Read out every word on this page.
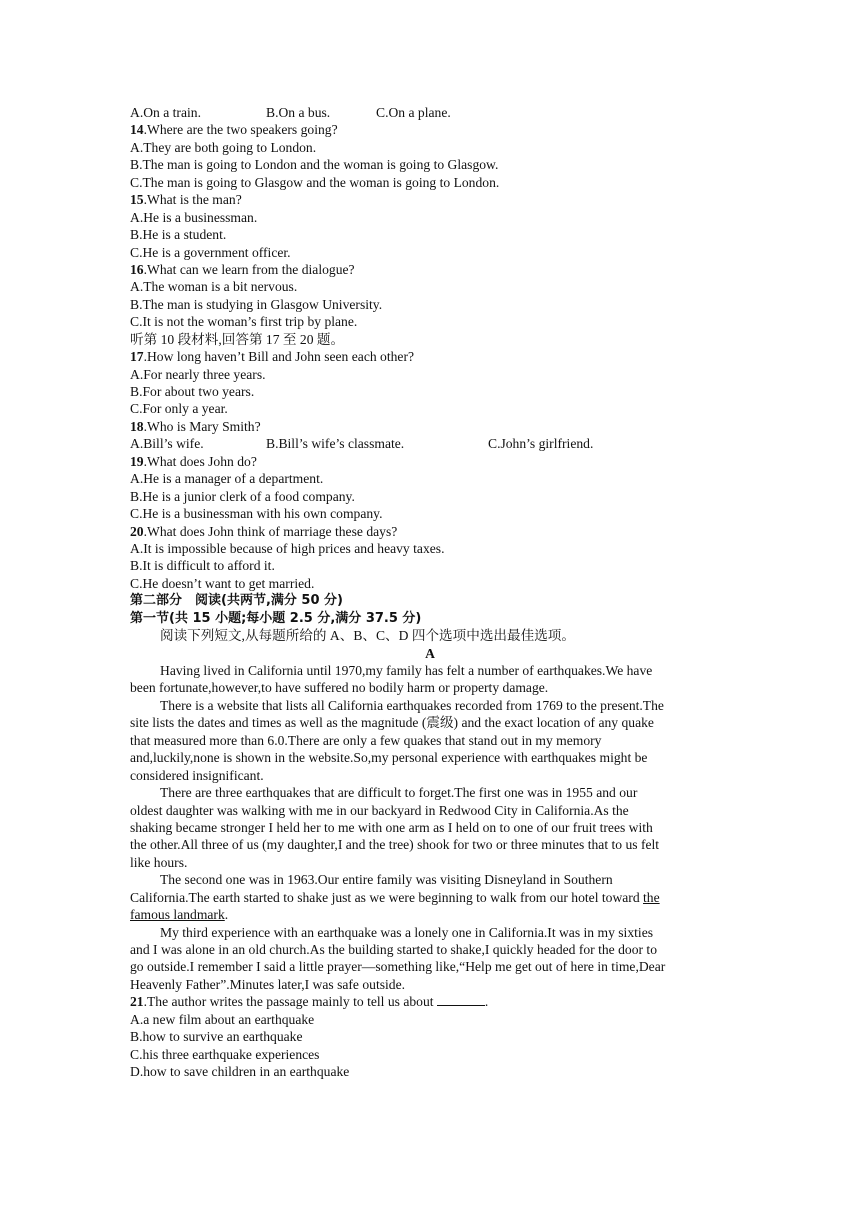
A.On a train.	B.On a bus.	C.On a plane.
14.Where are the two speakers going?
A.They are both going to London.
B.The man is going to London and the woman is going to Glasgow.
C.The man is going to Glasgow and the woman is going to London.
15.What is the man?
A.He is a businessman.
B.He is a student.
C.He is a government officer.
16.What can we learn from the dialogue?
A.The woman is a bit nervous.
B.The man is studying in Glasgow University.
C.It is not the woman’s first trip by plane.
听第 10 段材料,回答第 17 至 20 题。
17.How long haven’t Bill and John seen each other?
A.For nearly three years.
B.For about two years.
C.For only a year.
18.Who is Mary Smith?
A.Bill’s wife.	B.Bill’s wife’s classmate.	C.John’s girlfriend.
19.What does John do?
A.He is a manager of a department.
B.He is a junior clerk of a food company.
C.He is a businessman with his own company.
20.What does John think of marriage these days?
A.It is impossible because of high prices and heavy taxes.
B.It is difficult to afford it.
C.He doesn’t want to get married.
第二部分　阅读(共两节,满分 50 分)
第一节(共 15 小题;每小题 2.5 分,满分 37.5 分)
阅读下列短文,从每题所给的 A、B、C、D 四个选项中选出最佳选项。
A
Having lived in California until 1970,my family has felt a number of earthquakes.We have
been fortunate,however,to have suffered no bodily harm or property damage.
There is a website that lists all California earthquakes recorded from 1769 to the present.The
site lists the dates and times as well as the magnitude (震级) and the exact location of any quake
that measured more than 6.0.There are only a few quakes that stand out in my memory
and,luckily,none is shown in the website.So,my personal experience with earthquakes might be
considered insignificant.
There are three earthquakes that are difficult to forget.The first one was in 1955 and our
oldest daughter was walking with me in our backyard in Redwood City in California.As the
shaking became stronger I held her to me with one arm as I held on to one of our fruit trees with
the other.All three of us (my daughter,I and the tree) shook for two or three minutes that to us felt
like hours.
The second one was in 1963.Our entire family was visiting Disneyland in Southern
California.The earth started to shake just as we were beginning to walk from our hotel toward the
famous landmark.
My third experience with an earthquake was a lonely one in California.It was in my sixties
and I was alone in an old church.As the building started to shake,I quickly headed for the door to
go outside.I remember I said a little prayer—something like,“Help me get out of here in time,Dear
Heavenly Father”.Minutes later,I was safe outside.
21.The author writes the passage mainly to tell us about	.
A.a new film about an earthquake
B.how to survive an earthquake
C.his three earthquake experiences
D.how to save children in an earthquake
